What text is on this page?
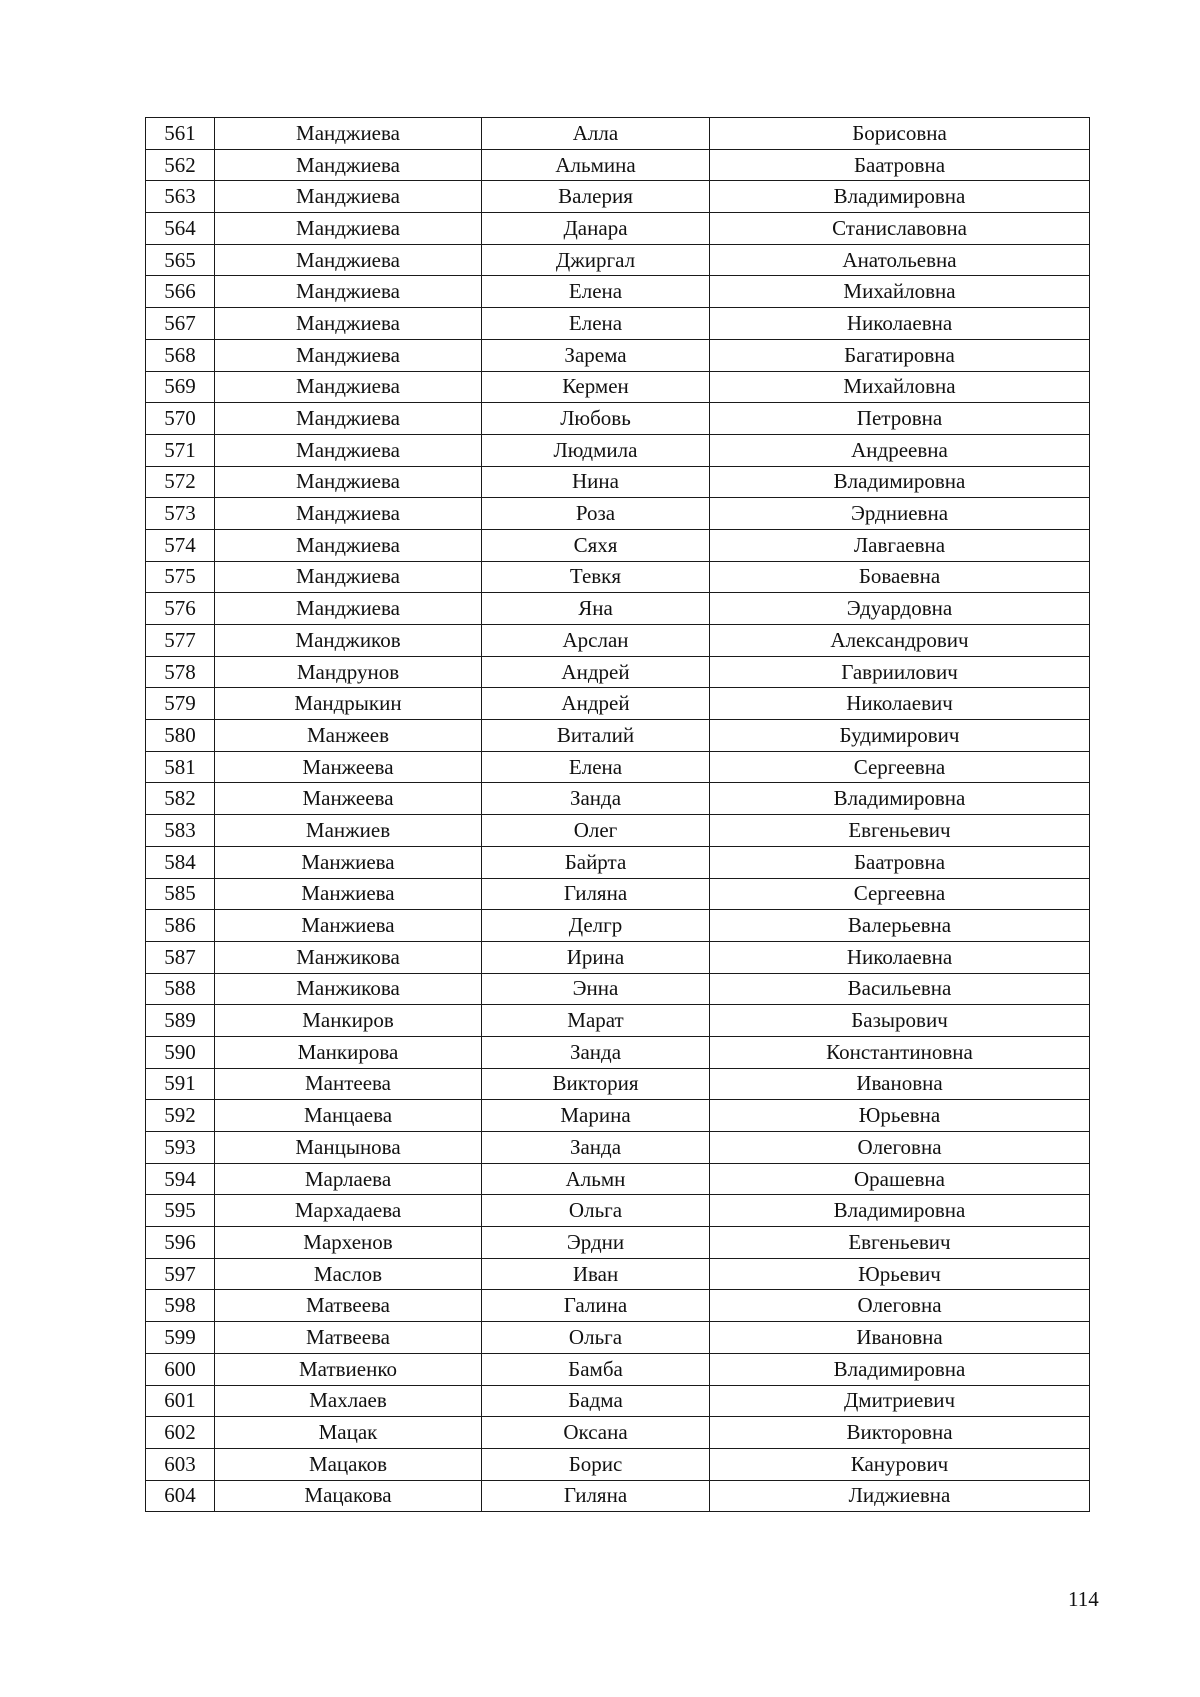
561	Манджиева	Алла	Борисовна
562	Манджиева	Альмина	Баатровна
563	Манджиева	Валерия	Владимировна
564	Манджиева	Данара	Станиславовна
565	Манджиева	Джиргал	Анатольевна
566	Манджиева	Елена	Михайловна
567	Манджиева	Елена	Николаевна
568	Манджиева	Зарема	Багатировна
569	Манджиева	Кермен	Михайловна
570	Манджиева	Любовь	Петровна
571	Манджиева	Людмила	Андреевна
572	Манджиева	Нина	Владимировна
573	Манджиева	Роза	Эрдниевна
574	Манджиева	Сяхя	Лавгаевна
575	Манджиева	Тевкя	Боваевна
576	Манджиева	Яна	Эдуардовна
577	Манджиков	Арслан	Александрович
578	Мандрунов	Андрей	Гавриилович
579	Мандрыкин	Андрей	Николаевич
580	Манжеев	Виталий	Будимирович
581	Манжеева	Елена	Сергеевна
582	Манжеева	Занда	Владимировна
583	Манжиев	Олег	Евгеньевич
584	Манжиева	Байрта	Баатровна
585	Манжиева	Гиляна	Сергеевна
586	Манжиева	Делгр	Валерьевна
587	Манжикова	Ирина	Николаевна
588	Манжикова	Энна	Васильевна
589	Манкиров	Марат	Базырович
590	Манкирова	Занда	Константиновна
591	Мантеева	Виктория	Ивановна
592	Манцаева	Марина	Юрьевна
593	Манцынова	Занда	Олеговна
594	Марлаева	Альмн	Орашевна
595	Мархадаева	Ольга	Владимировна
596	Мархенов	Эрдни	Евгеньевич
597	Маслов	Иван	Юрьевич
598	Матвеева	Галина	Олеговна
599	Матвеева	Ольга	Ивановна
600	Матвиенко	Бамба	Владимировна
601	Махлаев	Бадма	Дмитриевич
602	Мацак	Оксана	Викторовна
603	Мацаков	Борис	Канурович
604	Мацакова	Гиляна	Лиджиевна
114
